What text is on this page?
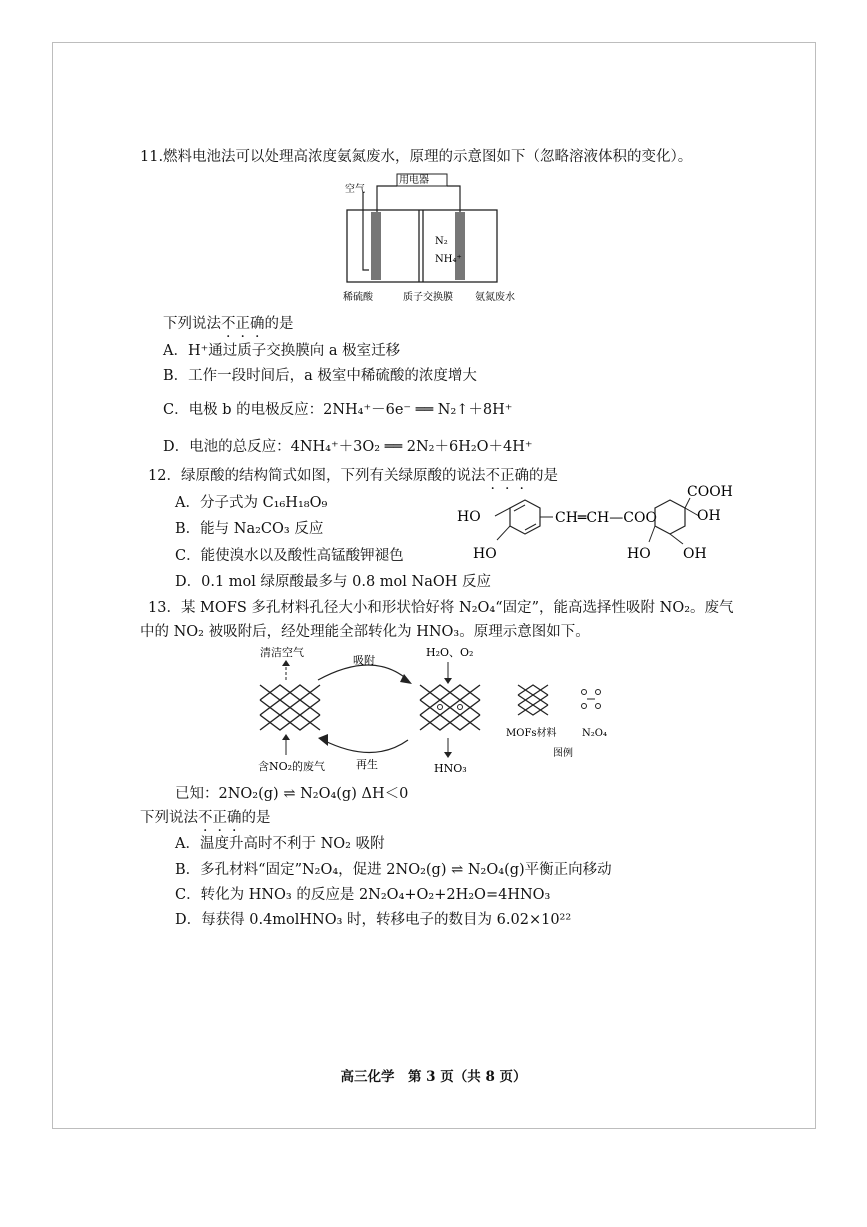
11.燃料电池法可以处理高浓度氨氮废水，原理的示意图如下（忽略溶液体积的变化）。
用电器
空气
N₂
NH₄⁺
稀硫酸	质子交换膜 氨氮废水
下列说法不正确的是
A．H⁺通过质子交换膜向 a 极室迁移
B．工作一段时间后，a 极室中稀硫酸的浓度增大
C．电极 b 的电极反应：2NH₄⁺－6e⁻ ══ N₂↑＋8H⁺
D．电池的总反应：4NH₄⁺＋3O₂ ══ 2N₂＋6H₂O＋4H⁺
12．绿原酸的结构简式如图，下列有关绿原酸的说法不正确的是
A．分子式为 C₁₆H₁₈O₉
B．能与 Na₂CO₃ 反应
C．能使溴水以及酸性高锰酸钾褪色
D．0.1 mol 绿原酸最多与 0.8 mol NaOH 反应
HO
HO
CH═CH—COO
COOH
OH
HO OH
13．某 MOFS 多孔材料孔径大小和形状恰好将 N₂O₄“固定”，能高选择性吸附 NO₂。废气
中的 NO₂ 被吸附后，经处理能全部转化为 HNO₃。原理示意图如下。
清洁空气
含NO₂的废气
吸附
再生
H₂O、O₂
HNO₃
MOFs材料	N₂O₄
图例
已知：2NO₂(g) ⇌ N₂O₄(g) ΔH＜0
下列说法不正确的是
A．温度升高时不利于 NO₂ 吸附
B．多孔材料“固定”N₂O₄，促进 2NO₂(g) ⇌ N₂O₄(g)平衡正向移动
C．转化为 HNO₃ 的反应是 2N₂O₄+O₂+2H₂O=4HNO₃
D．每获得 0.4molHNO₃ 时，转移电子的数目为 6.02×10²²
高三化学　第 3 页（共 8 页）
